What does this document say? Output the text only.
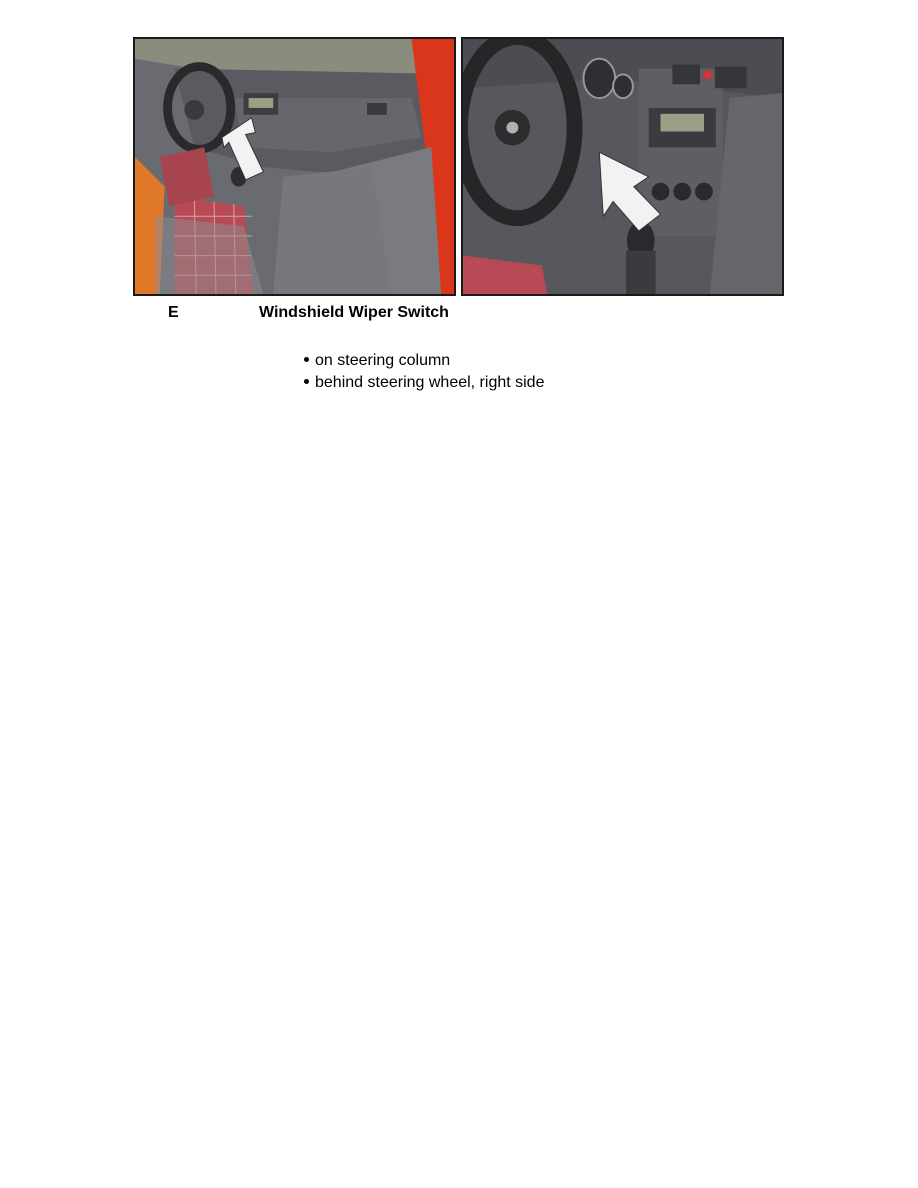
E	Windshield Wiper Switch
on steering column
behind steering wheel, right side
